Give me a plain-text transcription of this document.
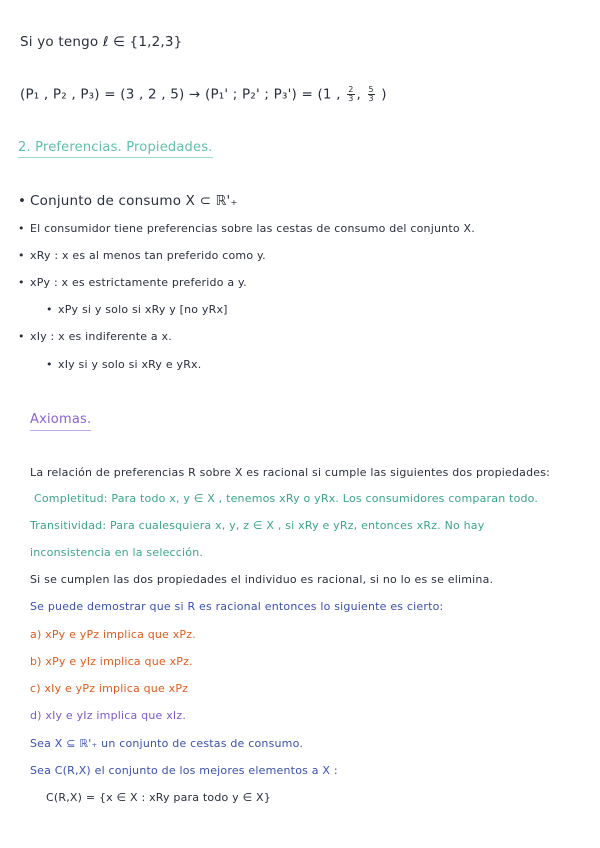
Si yo tengo ℓ ∈ {1,2,3}
(P₁ , P₂ , P₃) = (3 , 2 , 5) → (P₁' ; P₂' ; P₃') = (1 , $\frac{2}{3}$ , $\frac{5}{3}$ )
2. Preferencias. Propiedades.
• Conjunto de consumo X ⊂ ℝ'₊
• El consumidor tiene preferencias sobre las cestas de consumo del conjunto X.
• xRy : x es al menos tan preferido como y.
• xPy : x es estrictamente preferido a y.
• xPy si y solo si xRy y [no yRx]
• xIy : x es indiferente a x.
• xIy si y solo si xRy e yRx.
Axiomas.
La relación de preferencias R sobre X es racional si cumple las siguientes dos propiedades:
Completitud: Para todo x, y ∈ X , tenemos xRy o yRx. Los consumidores comparan todo.
Transitividad: Para cualesquiera x, y, z ∈ X , si xRy e yRz, entonces xRz. No hay
inconsistencia en la selección.
Si se cumplen las dos propiedades el individuo es racional, si no lo es se elimina.
Se puede demostrar que si R es racional entonces lo siguiente es cierto:
a) xPy e yPz implica que xPz.
b) xPy e yIz implica que xPz.
c) xIy e yPz implica que xPz
d) xIy e yIz implica que xIz.
Sea X ⊆ ℝ'₊ un conjunto de cestas de consumo.
Sea C(R,X) el conjunto de los mejores elementos a X :
C(R,X) = {x ∈ X : xRy para todo y ∈ X}
